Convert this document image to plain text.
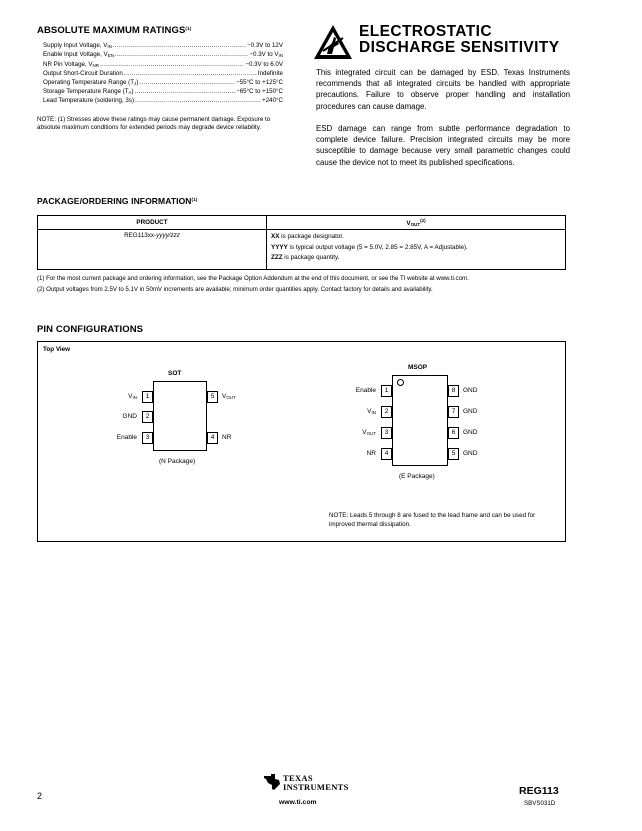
ABSOLUTE MAXIMUM RATINGS$^{(1)}$
Supply Input Voltage, $V_{IN}$ .....	−0.3V to 12V
Enable Input Voltage, $V_{EN}$ .....	−0.3V to $V_{IN}$
NR Pin Voltage, $V_{NR}$ .....	−0.3V to 6.0V
Output Short-Circuit Duration .....	Indefinite
Operating Temperature Range $(T_J)$ .....	−55°C to +125°C
Storage Temperature Range $(T_A)$ .....	−65°C to +150°C
Lead Temperature (soldering, 3s) .....	+240°C
NOTE: (1) Stresses above these ratings may cause permanent damage. Exposure to absolute maximum conditions for extended periods may degrade device reliability.
ELECTROSTATIC
DISCHARGE SENSITIVITY
This integrated circuit can be damaged by ESD. Texas Instruments recommends that all integrated circuits be handled with appropriate precautions. Failure to observe proper handling and installation procedures can cause damage.
ESD damage can range from subtle performance degradation to complete device failure. Precision integrated circuits may be more susceptible to damage because very small parametric changes could cause the device not to meet its published specifications.
PACKAGE/ORDERING INFORMATION$^{(1)}$
PRODUCT	$V_{OUT}^{(2)}$
REG113xx-yyyy/zzz	XX is package designator.
YYYY is typical output voltage (5 = 5.0V, 2.85 = 2.85V, A = Adjustable).
ZZZ is package quantity.
(1) For the most current package and ordering information, see the Package Option Addendum at the end of this document, or see the TI website at www.ti.com.
(2) Output voltages from 2.5V to 5.1V in 50mV increments are available; minimum order quantities apply. Contact factory for details and availability.
PIN CONFIGURATIONS
Top View
SOT
1
2
3
$V_{IN}$
GND
Enable
5
4
$V_{OUT}$
NR
(N Package)
MSOP
1
2
3
4
Enable
$V_{IN}$
$V_{OUT}$
NR
8
7
6
5
GND
GND
GND
GND
(E Package)
NOTE: Leads 5 through 8 are fused to the lead frame and can be used for improved thermal dissipation.
2
TEXAS
INSTRUMENTS
www.ti.com
REG113
SBVS031D
